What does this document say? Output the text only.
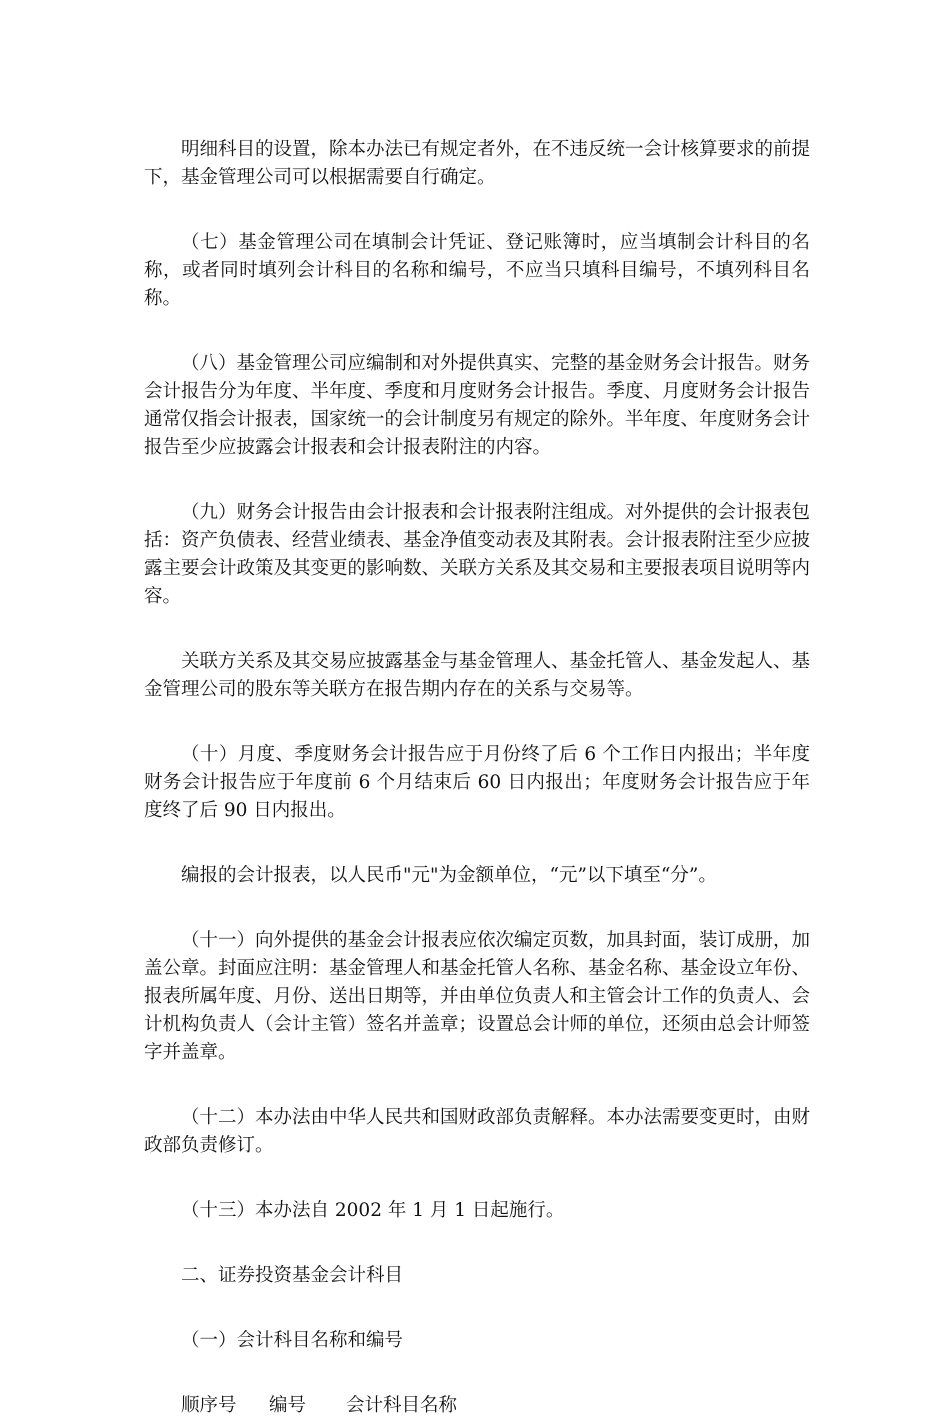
明细科目的设置，除本办法已有规定者外，在不违反统一会计核算要求的前提下，基金管理公司可以根据需要自行确定。

（七）基金管理公司在填制会计凭证、登记账簿时，应当填制会计科目的名称，或者同时填列会计科目的名称和编号，不应当只填科目编号，不填列科目名称。

（八）基金管理公司应编制和对外提供真实、完整的基金财务会计报告。财务会计报告分为年度、半年度、季度和月度财务会计报告。季度、月度财务会计报告通常仅指会计报表，国家统一的会计制度另有规定的除外。半年度、年度财务会计报告至少应披露会计报表和会计报表附注的内容。

（九）财务会计报告由会计报表和会计报表附注组成。对外提供的会计报表包括：资产负债表、经营业绩表、基金净值变动表及其附表。会计报表附注至少应披露主要会计政策及其变更的影响数、关联方关系及其交易和主要报表项目说明等内容。

关联方关系及其交易应披露基金与基金管理人、基金托管人、基金发起人、基金管理公司的股东等关联方在报告期内存在的关系与交易等。

（十）月度、季度财务会计报告应于月份终了后 6 个工作日内报出；半年度财务会计报告应于年度前 6 个月结束后 60 日内报出；年度财务会计报告应于年度终了后 90 日内报出。

编报的会计报表，以人民币"元"为金额单位，“元”以下填至“分”。

（十一）向外提供的基金会计报表应依次编定页数，加具封面，装订成册，加盖公章。封面应注明：基金管理人和基金托管人名称、基金名称、基金设立年份、报表所属年度、月份、送出日期等，并由单位负责人和主管会计工作的负责人、会计机构负责人（会计主管）签名并盖章；设置总会计师的单位，还须由总会计师签字并盖章。

（十二）本办法由中华人民共和国财政部负责解释。本办法需要变更时，由财政部负责修订。

（十三）本办法自 2002 年 1 月 1 日起施行。

二、证券投资基金会计科目

（一）会计科目名称和编号

顺序号 编号 会计科目名称
